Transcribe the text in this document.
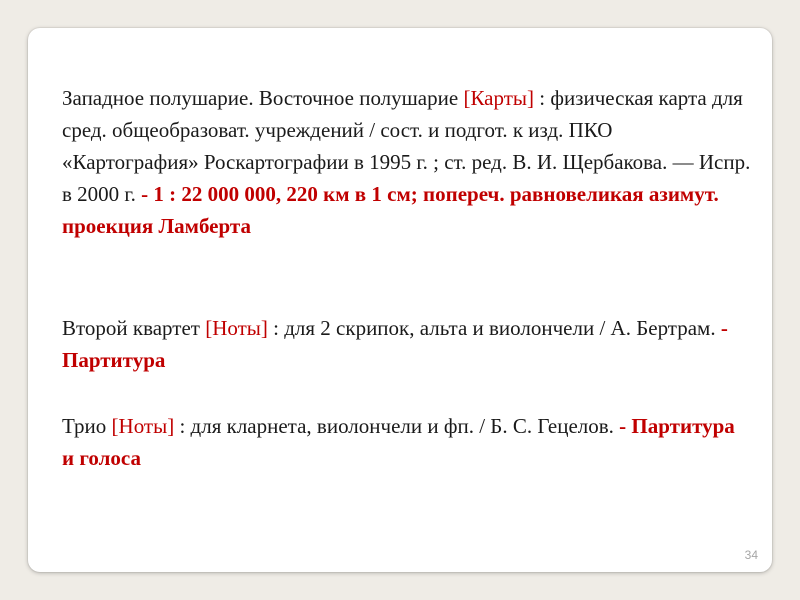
Западное полушарие. Восточное полушарие [Карты] : физическая карта для сред. общеобразоват. учреждений / сост. и подгот. к изд. ПКО «Картография» Роскартографии в 1995 г. ; ст. ред. В. И. Щербакова. ― Испр. в 2000 г. - 1 : 22 000 000, 220 км в 1 см; попереч. равновеликая азимут. проекция Ламберта

Второй квартет [Ноты] : для 2 скрипок, альта и виолончели / А. Бертрам. - Партитура

Трио [Ноты] : для кларнета, виолончели и фп. / Б. С. Гецелов. - Партитура и голоса

34
